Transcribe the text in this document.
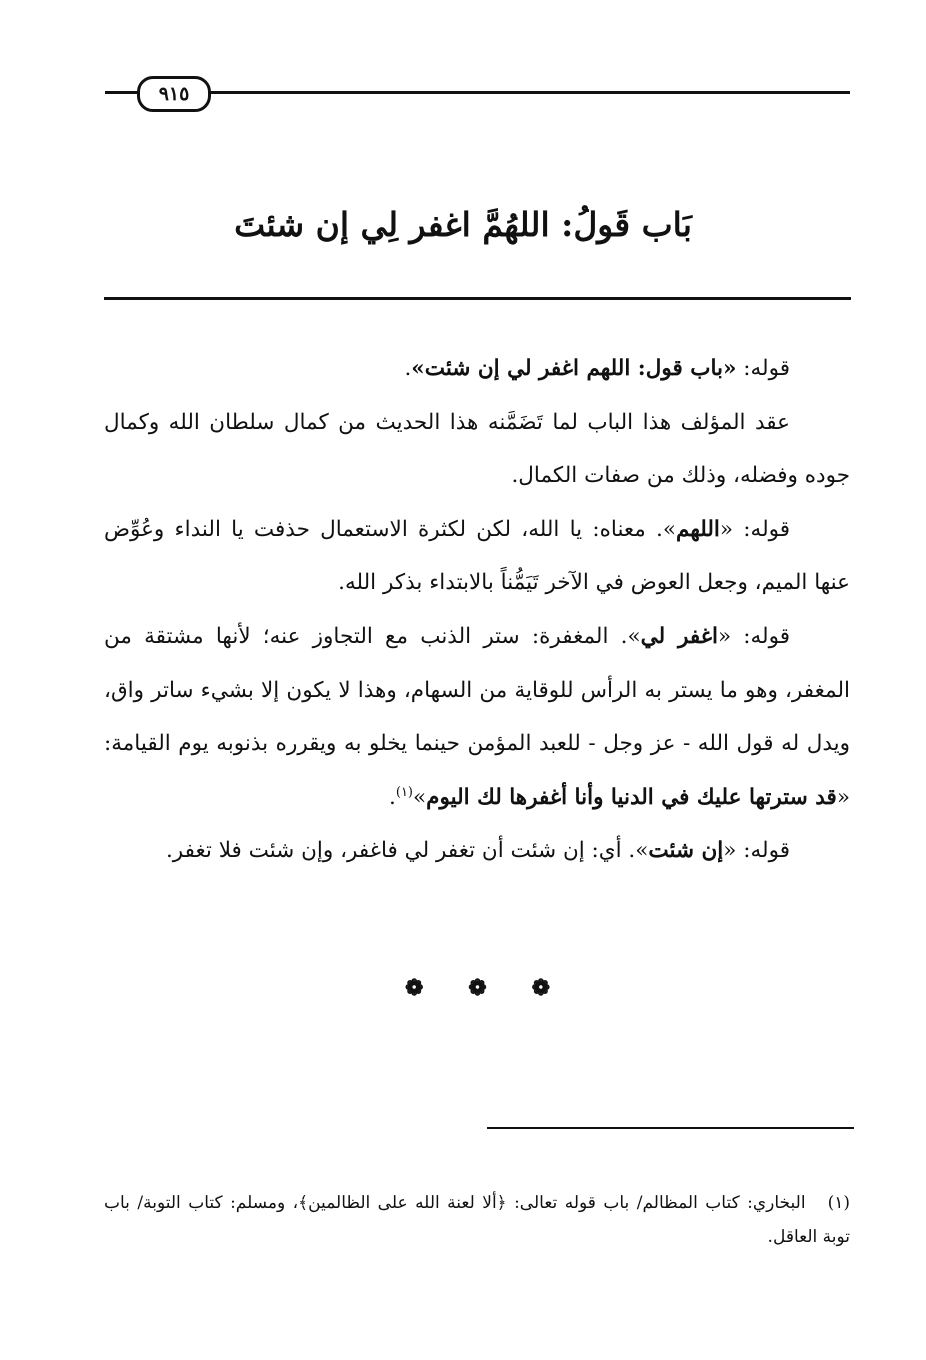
٩١٥
بَاب قَولُ: اللهُمَّ اغفر لِي إن شئتَ

قوله: «باب قول: اللهم اغفر لي إن شئت».

عقد المؤلف هذا الباب لما تَضَمَّنه هذا الحديث من كمال سلطان الله وكمال جوده وفضله، وذلك من صفات الكمال.

قوله: «اللهم». معناه: يا الله، لكن لكثرة الاستعمال حذفت يا النداء وعُوِّض عنها الميم، وجعل العوض في الآخر تَيَمُّناً بالابتداء بذكر الله.

قوله: «اغفر لي». المغفرة: ستر الذنب مع التجاوز عنه؛ لأنها مشتقة من المغفر، وهو ما يستر به الرأس للوقاية من السهام، وهذا لا يكون إلا بشيء ساتر واق، ويدل له قول الله - عز وجل - للعبد المؤمن حينما يخلو به ويقرره بذنوبه يوم القيامة: «قد سترتها عليك في الدنيا وأنا أغفرها لك اليوم»$^{(١)}$.

قوله: «إن شئت». أي: إن شئت أن تغفر لي فاغفر، وإن شئت فلا تغفر.

❁ ❁ ❁

(١)البخاري: كتاب المظالم/ باب قوله تعالى: ﴿ألا لعنة الله على الظالمين﴾، ومسلم: كتاب التوبة/ باب توبة العاقل.
